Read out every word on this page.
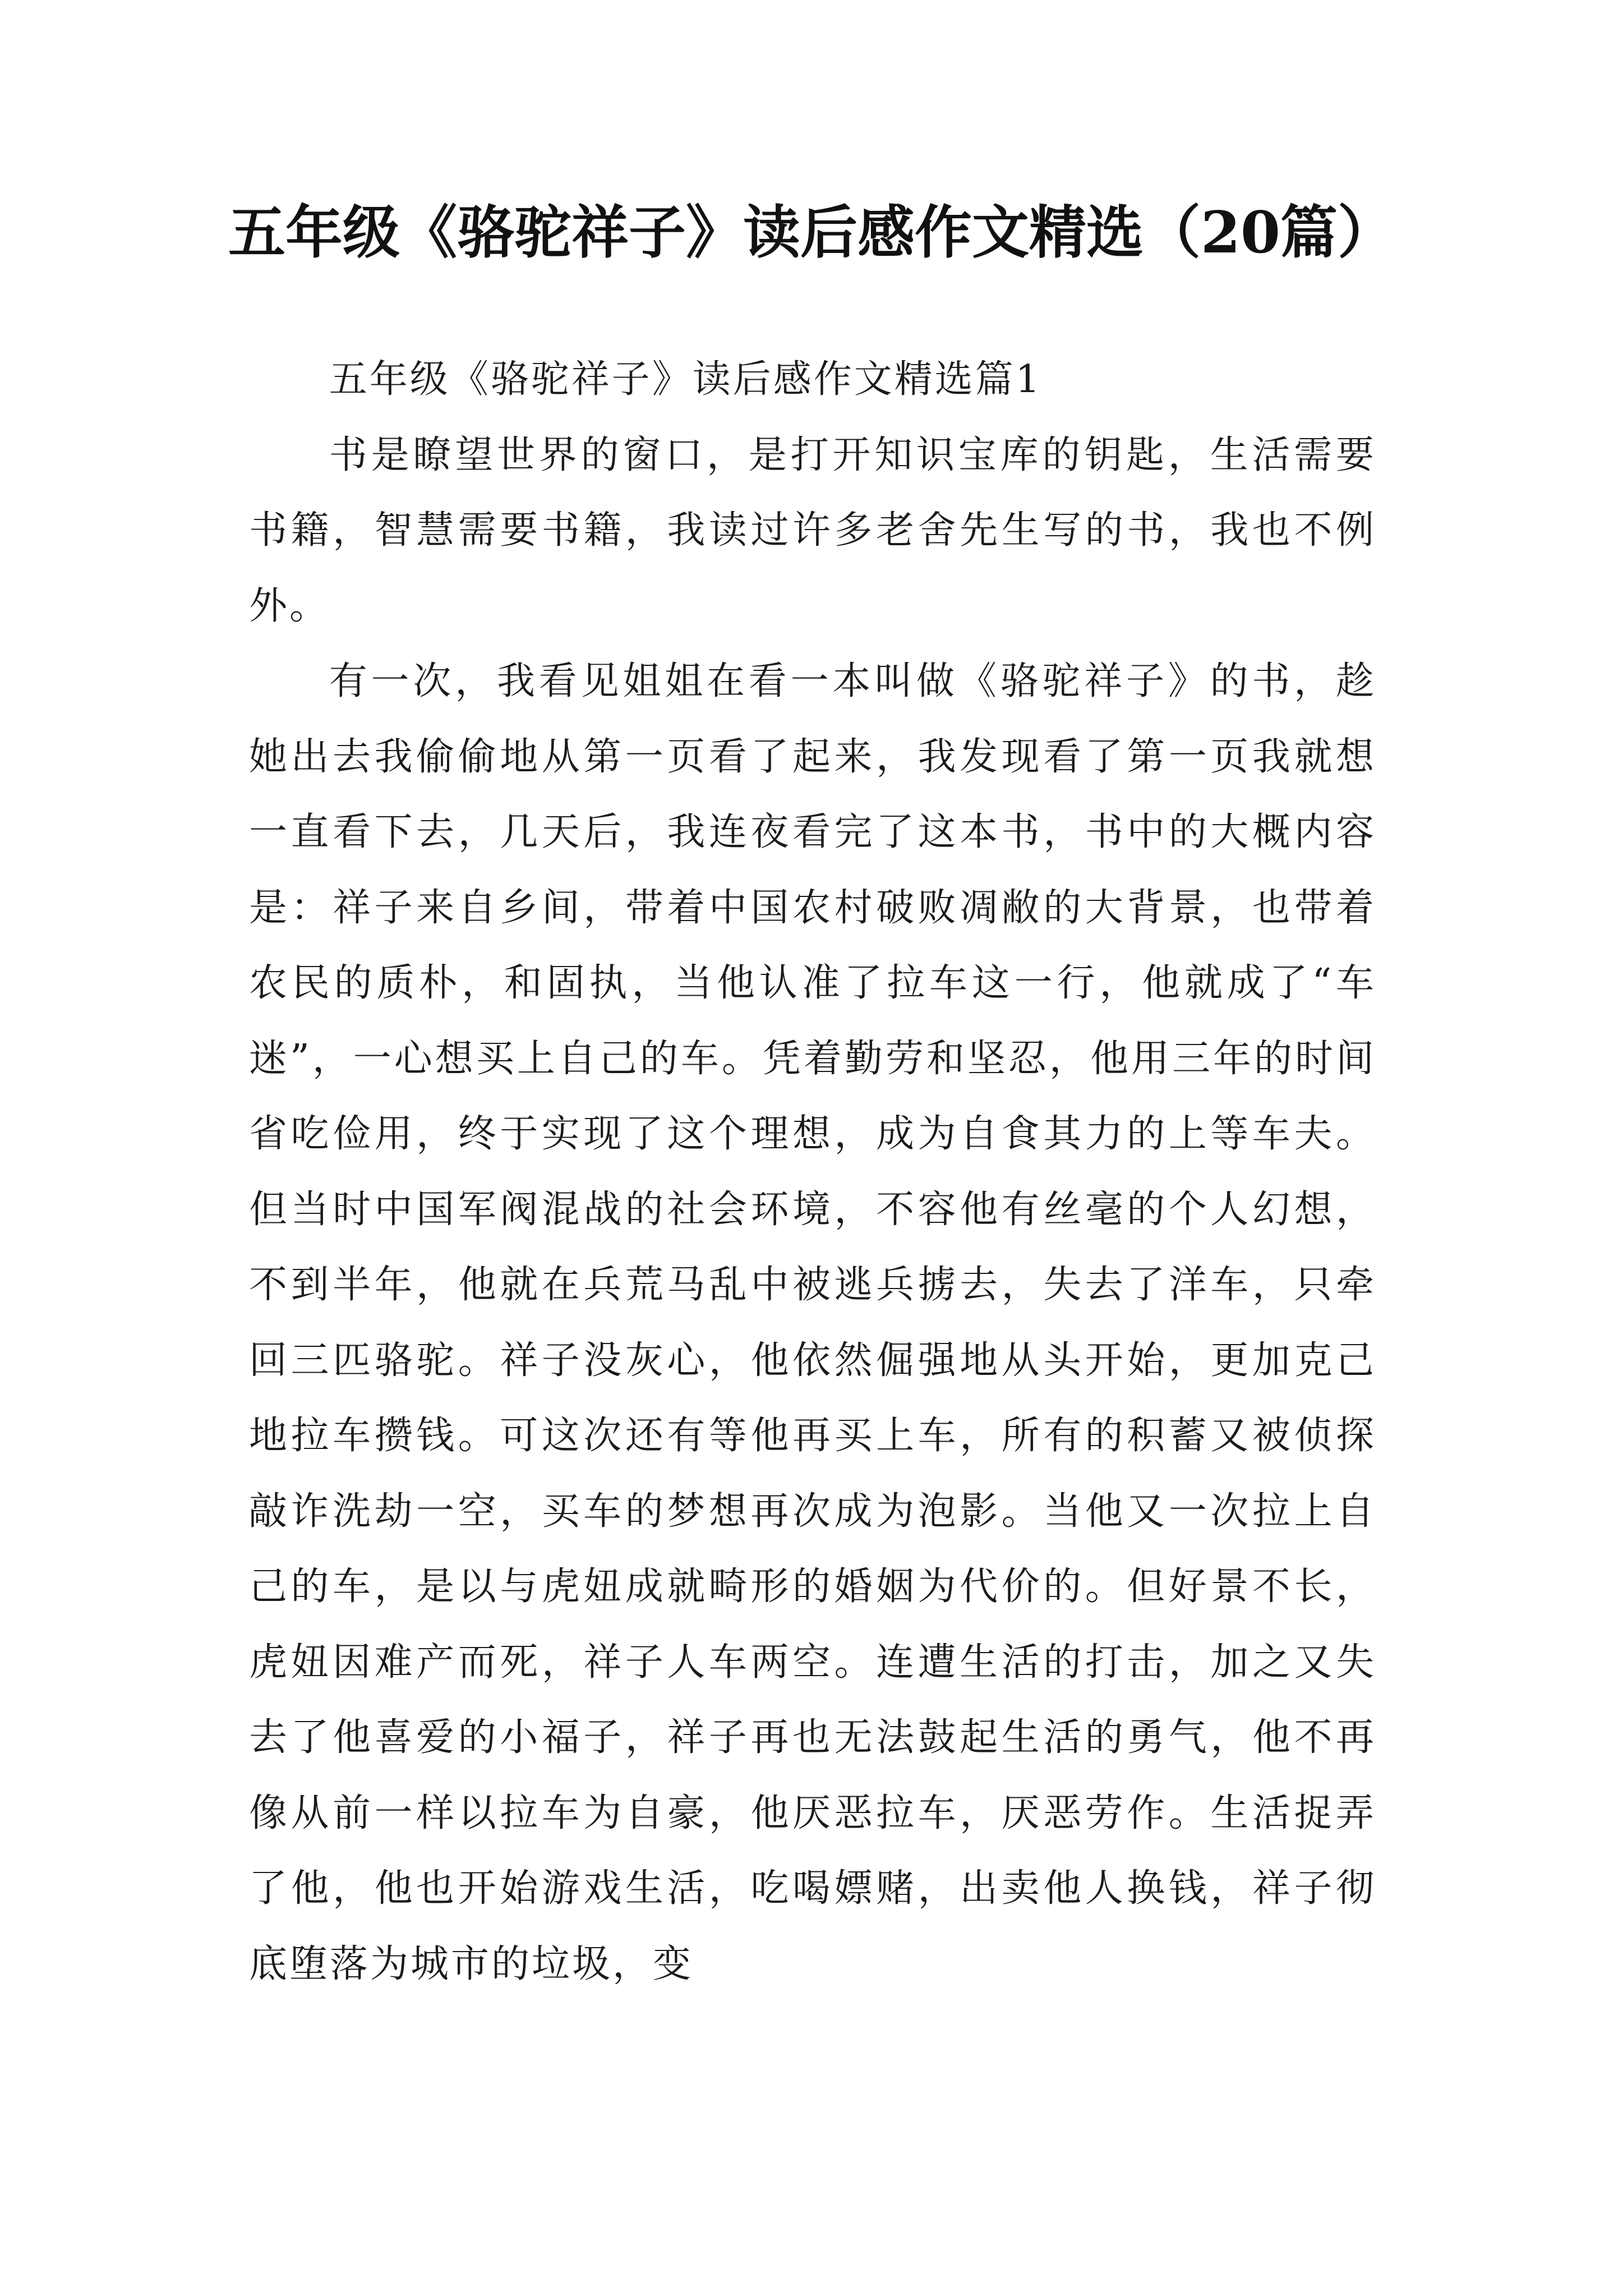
五年级《骆驼祥子》读后感作文精选（20篇）

五年级《骆驼祥子》读后感作文精选篇1

书是瞭望世界的窗口，是打开知识宝库的钥匙，生活需要书籍，智慧需要书籍，我读过许多老舍先生写的书，我也不例外。

有一次，我看见姐姐在看一本叫做《骆驼祥子》的书，趁她出去我偷偷地从第一页看了起来，我发现看了第一页我就想一直看下去，几天后，我连夜看完了这本书，书中的大概内容是：祥子来自乡间，带着中国农村破败凋敝的大背景，也带着农民的质朴，和固执，当他认准了拉车这一行，他就成了“车迷”，一心想买上自己的车。凭着勤劳和坚忍，他用三年的时间省吃俭用，终于实现了这个理想，成为自食其力的上等车夫。但当时中国军阀混战的社会环境，不容他有丝毫的个人幻想，不到半年，他就在兵荒马乱中被逃兵掳去，失去了洋车，只牵回三匹骆驼。祥子没灰心，他依然倔强地从头开始，更加克己地拉车攒钱。可这次还有等他再买上车，所有的积蓄又被侦探敲诈洗劫一空，买车的梦想再次成为泡影。当他又一次拉上自己的车，是以与虎妞成就畸形的婚姻为代价的。但好景不长，虎妞因难产而死，祥子人车两空。连遭生活的打击，加之又失去了他喜爱的小福子，祥子再也无法鼓起生活的勇气，他不再像从前一样以拉车为自豪，他厌恶拉车，厌恶劳作。生活捉弄了他，他也开始游戏生活，吃喝嫖赌，出卖他人换钱，祥子彻底堕落为城市的垃圾，变
